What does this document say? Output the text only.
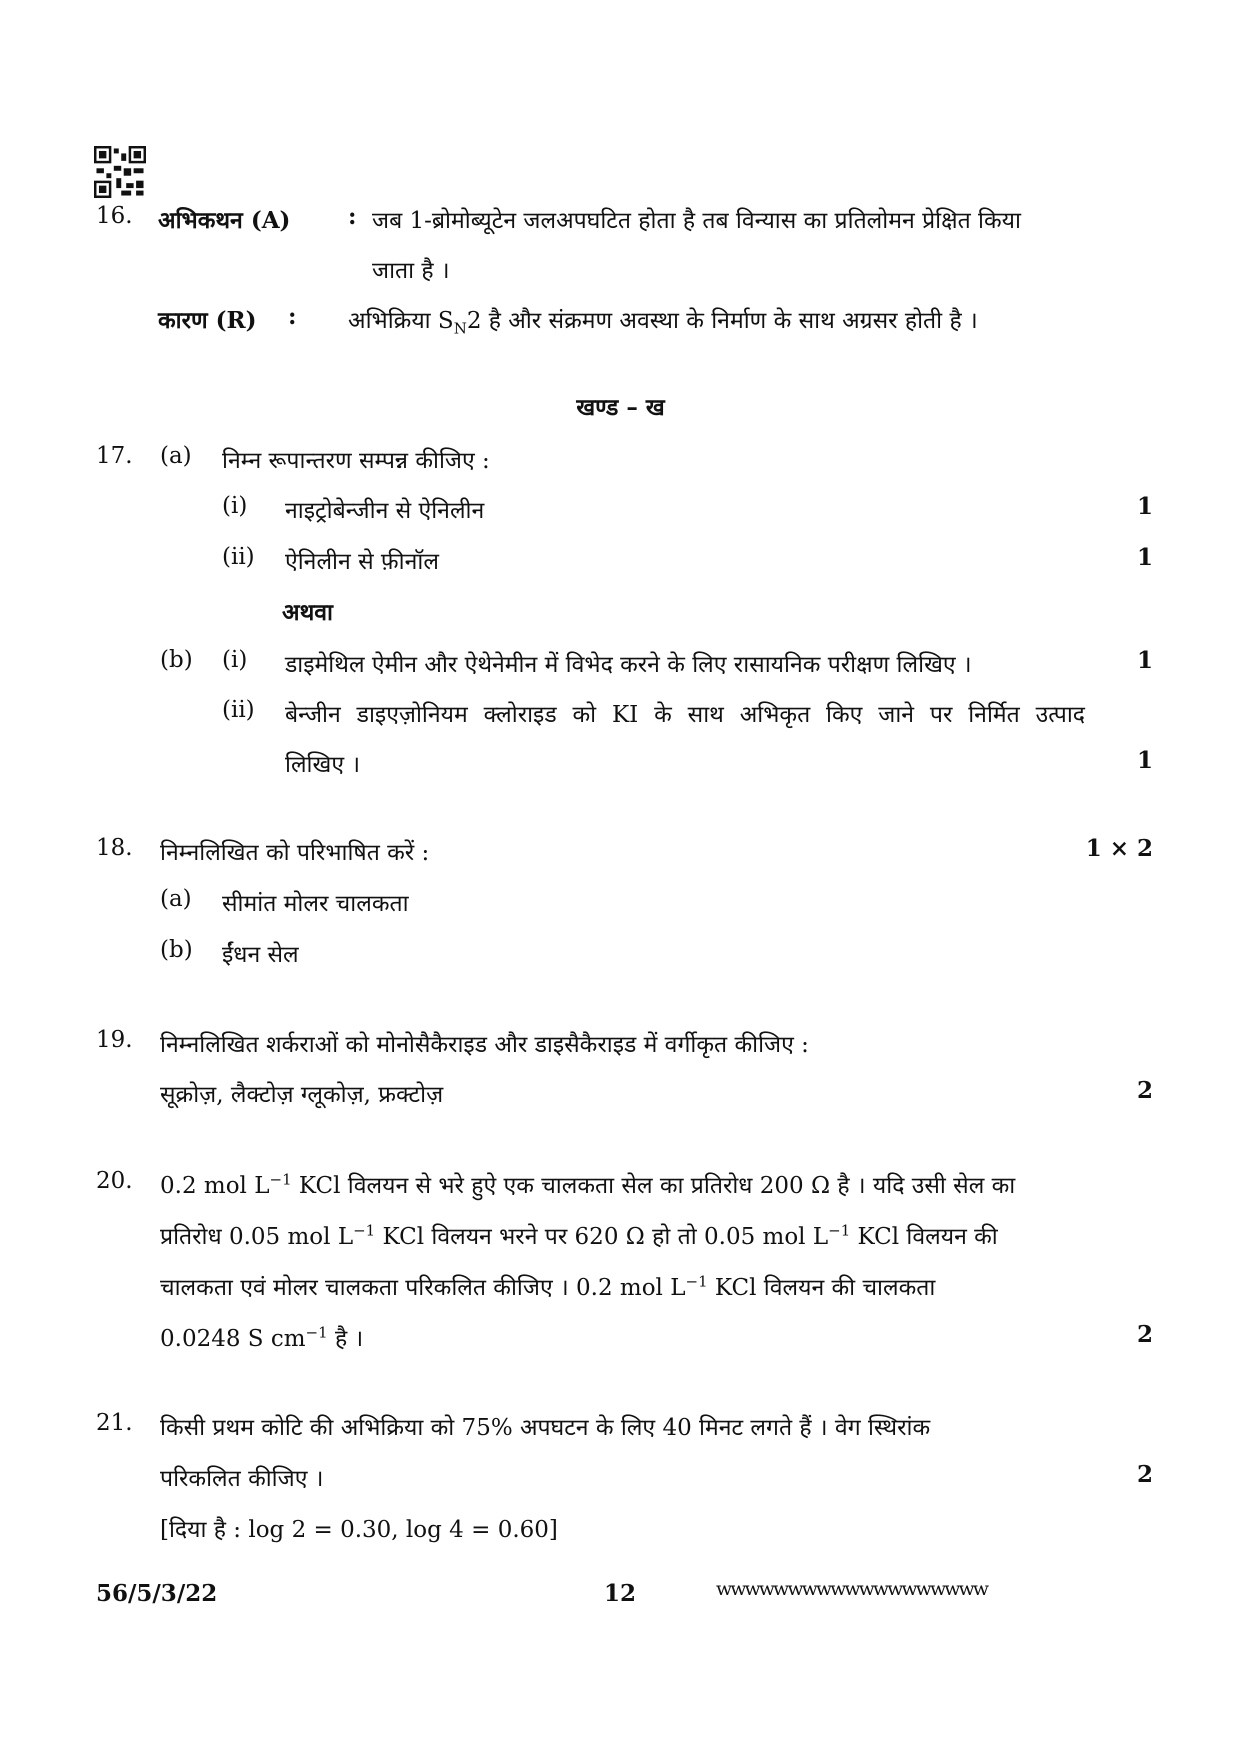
16. अभिकथन (A)	: जब 1-ब्रोमोब्यूटेन जलअपघटित होता है तब विन्यास का प्रतिलोमन प्रेक्षित किया
जाता है ।
कारण (R) : अभिक्रिया $S_N2$ है और संक्रमण अवस्था के निर्माण के साथ अग्रसर होती है ।
खण्ड – ख
17. (a) निम्न रूपान्तरण सम्पन्न कीजिए :
(i) नाइट्रोबेन्जीन से ऐनिलीन	1
(ii) ऐनिलीन से फ़ीनॉल	1
अथवा
(b) (i) डाइमेथिल ऐमीन और ऐथेनेमीन में विभेद करने के लिए रासायनिक परीक्षण लिखिए ।	1
(ii) बेन्जीन डाइएज़ोनियम क्लोराइड को KI के साथ अभिकृत किए जाने पर निर्मित उत्पाद
लिखिए ।	1
18. निम्नलिखित को परिभाषित करें :	1 × 2
(a) सीमांत मोलर चालकता
(b) ईंधन सेल
19. निम्नलिखित शर्कराओं को मोनोसैकैराइड और डाइसैकैराइड में वर्गीकृत कीजिए :
सूक्रोज़, लैक्टोज़ ग्लूकोज़, फ्रक्टोज़	2
20. 0.2 mol $L^{-1}$ KCl विलयन से भरे हुऐ एक चालकता सेल का प्रतिरोध 200 Ω है । यदि उसी सेल का
प्रतिरोध 0.05 mol $L^{-1}$ KCl विलयन भरने पर 620 Ω हो तो 0.05 mol $L^{-1}$ KCl विलयन की
चालकता एवं मोलर चालकता परिकलित कीजिए । 0.2 mol $L^{-1}$ KCl विलयन की चालकता
0.0248 S $cm^{-1}$ है ।	2
21. किसी प्रथम कोटि की अभिक्रिया को 75% अपघटन के लिए 40 मिनट लगते हैं । वेग स्थिरांक
परिकलित कीजिए ।	2
[दिया है : log 2 = 0.30, log 4 = 0.60]
56/5/3/22	12	wwwwwwwwwwwwwwwwwww
